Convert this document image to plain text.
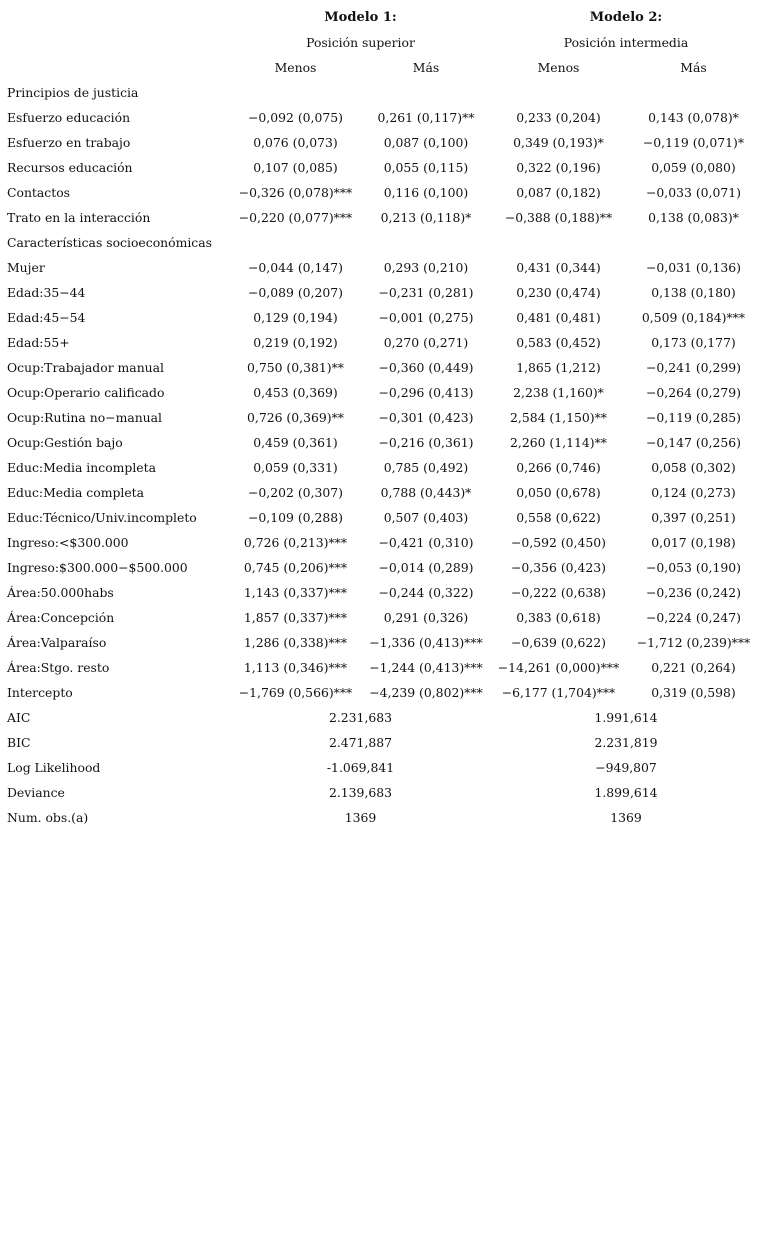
	Modelo 1:		Modelo 2:	
	Posición superior		Posición intermedia	
	Menos	Más	Menos	Más
Principios de justicia				
Esfuerzo educación	−0,092 (0,075)	0,261 (0,117)**	0,233 (0,204)	0,143 (0,078)*
Esfuerzo en trabajo	0,076 (0,073)	0,087 (0,100)	0,349 (0,193)*	−0,119 (0,071)*
Recursos educación	0,107 (0,085)	0,055 (0,115)	0,322 (0,196)	0,059 (0,080)
Contactos	−0,326 (0,078)***	0,116 (0,100)	0,087 (0,182)	−0,033 (0,071)
Trato en la interacción	−0,220 (0,077)***	0,213 (0,118)*	−0,388 (0,188)**	0,138 (0,083)*
Características socioeconómicas				
Mujer	−0,044 (0,147)	0,293 (0,210)	0,431 (0,344)	−0,031 (0,136)
Edad:35−44	−0,089 (0,207)	−0,231 (0,281)	0,230 (0,474)	0,138 (0,180)
Edad:45−54	0,129 (0,194)	−0,001 (0,275)	0,481 (0,481)	0,509 (0,184)***
Edad:55+	0,219 (0,192)	0,270 (0,271)	0,583 (0,452)	0,173 (0,177)
Ocup:Trabajador manual	0,750 (0,381)**	−0,360 (0,449)	1,865 (1,212)	−0,241 (0,299)
Ocup:Operario calificado	0,453 (0,369)	−0,296 (0,413)	2,238 (1,160)*	−0,264 (0,279)
Ocup:Rutina no−manual	0,726 (0,369)**	−0,301 (0,423)	2,584 (1,150)**	−0,119 (0,285)
Ocup:Gestión bajo	0,459 (0,361)	−0,216 (0,361)	2,260 (1,114)**	−0,147 (0,256)
Educ:Media incompleta	0,059 (0,331)	0,785 (0,492)	0,266 (0,746)	0,058 (0,302)
Educ:Media completa	−0,202 (0,307)	0,788 (0,443)*	0,050 (0,678)	0,124 (0,273)
Educ:Técnico/Univ.incompleto	−0,109 (0,288)	0,507 (0,403)	0,558 (0,622)	0,397 (0,251)
Ingreso:<$300.000	0,726 (0,213)***	−0,421 (0,310)	−0,592 (0,450)	0,017 (0,198)
Ingreso:$300.000−$500.000	0,745 (0,206)***	−0,014 (0,289)	−0,356 (0,423)	−0,053 (0,190)
Área:50.000habs	1,143 (0,337)***	−0,244 (0,322)	−0,222 (0,638)	−0,236 (0,242)
Área:Concepción	1,857 (0,337)***	0,291 (0,326)	0,383 (0,618)	−0,224 (0,247)
Área:Valparaíso	1,286 (0,338)***	−1,336 (0,413)***	−0,639 (0,622)	−1,712 (0,239)***
Área:Stgo. resto	1,113 (0,346)***	−1,244 (0,413)***	−14,261 (0,000)***	0,221 (0,264)
Intercepto	−1,769 (0,566)***	−4,239 (0,802)***	−6,177 (1,704)***	0,319 (0,598)
AIC	2.231,683		1.991,614	
BIC	2.471,887		2.231,819	
Log Likelihood	-1.069,841		−949,807	
Deviance	2.139,683		1.899,614	
Num. obs.(a)	1369		1369	
